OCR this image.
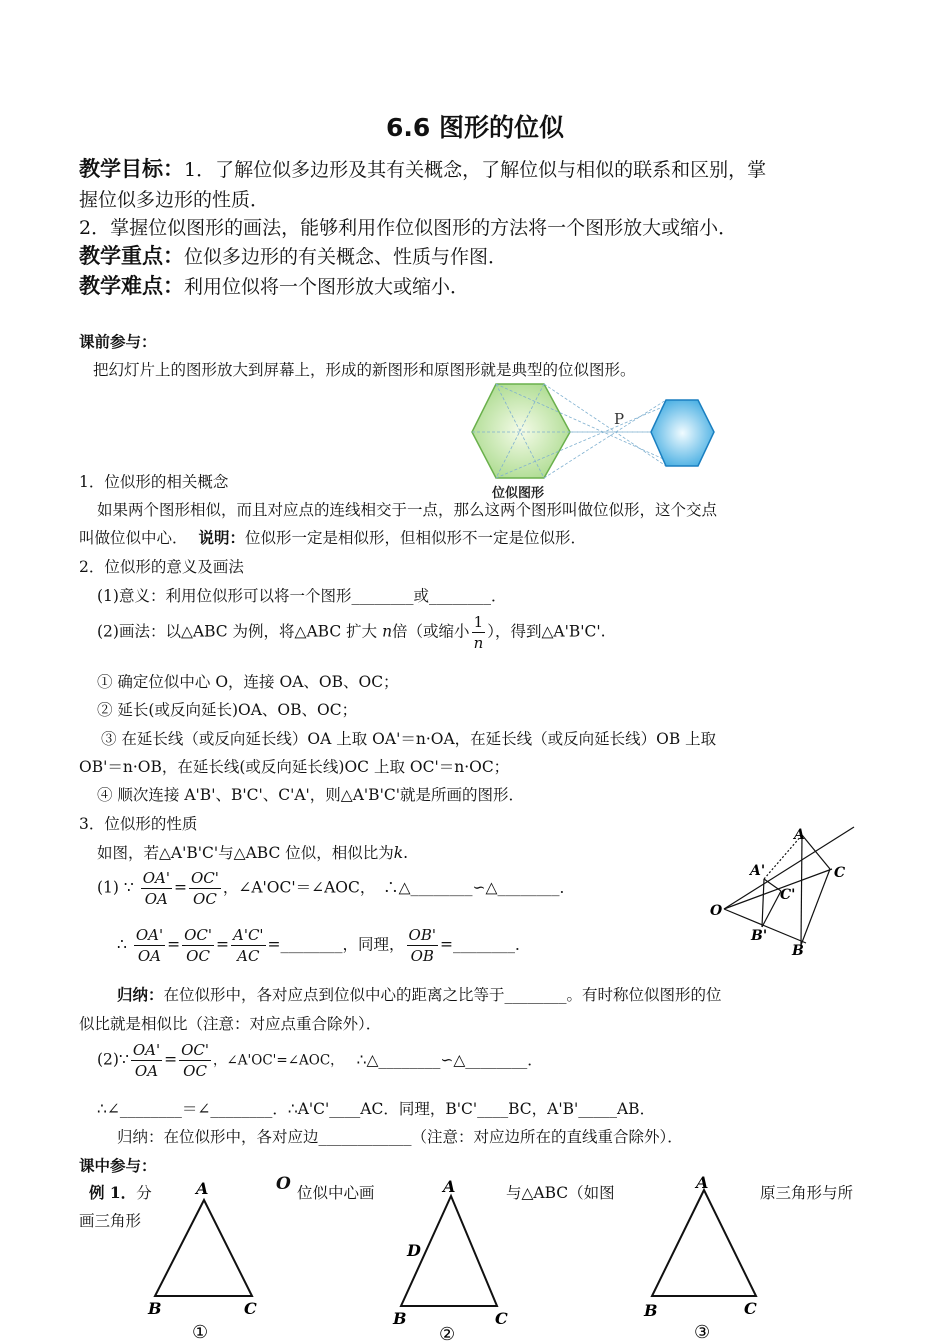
6.6 图形的位似
教学目标：1．了解位似多边形及其有关概念，了解位似与相似的联系和区别，掌
握位似多边形的性质．
2．掌握位似图形的画法，能够利用作位似图形的方法将一个图形放大或缩小．
教学重点：位似多边形的有关概念、性质与作图．
教学难点：利用位似将一个图形放大或缩小．
课前参与：
把幻灯片上的图形放大到屏幕上，形成的新图形和原图形就是典型的位似图形。
P
位似图形
1．位似形的相关概念
如果两个图形相似，而且对应点的连线相交于一点，那么这两个图形叫做位似形，这个交点
叫做位似中心． 说明：位似形一定是相似形，但相似形不一定是位似形．
2．位似形的意义及画法
(1)意义：利用位似形可以将一个图形________或________．
(2)画法：以△ABC 为例，将△ABC 扩大 n倍（或缩小 $\frac{1}{n}$ ），得到△A'B'C'.
① 确定位似中心 O，连接 OA、OB、OC；
② 延长(或反向延长)OA、OB、OC；
③ 在延长线（或反向延长线）OA 上取 OA'＝n·OA，在延长线（或反向延长线）OB 上取
OB'＝n·OB，在延长线(或反向延长线)OC 上取 OC'＝n·OC；
④ 顺次连接 A'B'、B'C'、C'A'，则△A'B'C'就是所画的图形．
3．位似形的性质
如图，若△A'B'C'与△ABC 位似，相似比为k.
(1) ∵ $\frac{OA'}{OA} = \frac{OC'}{OC}$ ，∠A'OC'＝∠AOC，　∴△________∽△________．
∴ $\frac{OA'}{OA} = \frac{OC'}{OC} = \frac{A'C'}{AC}$ =________，同理， $\frac{OB'}{OB}$ =________．
A
A'	C
C'
O
B'
B
归纳：在位似形中，各对应点到位似中心的距离之比等于________。有时称位似图形的位
似比就是相似比（注意：对应点重合除外）．
(2)∵ $\frac{OA'}{OA} = \frac{OC'}{OC}$ ，∠A'OC'=∠AOC， ∴△________∽△________．
∴∠________＝∠________．∴A'C'____AC．同理，B'C'____BC，A'B'_____AB．
归纳：在位似形中，各对应边____________（注意：对应边所在的直线重合除外）．
课中参与：
例 1．分	位似中心画	与△ABC（如图	原三角形与所
画三角形
A
B	C
①
O	A
D
B	C
②
A
B	C
③
